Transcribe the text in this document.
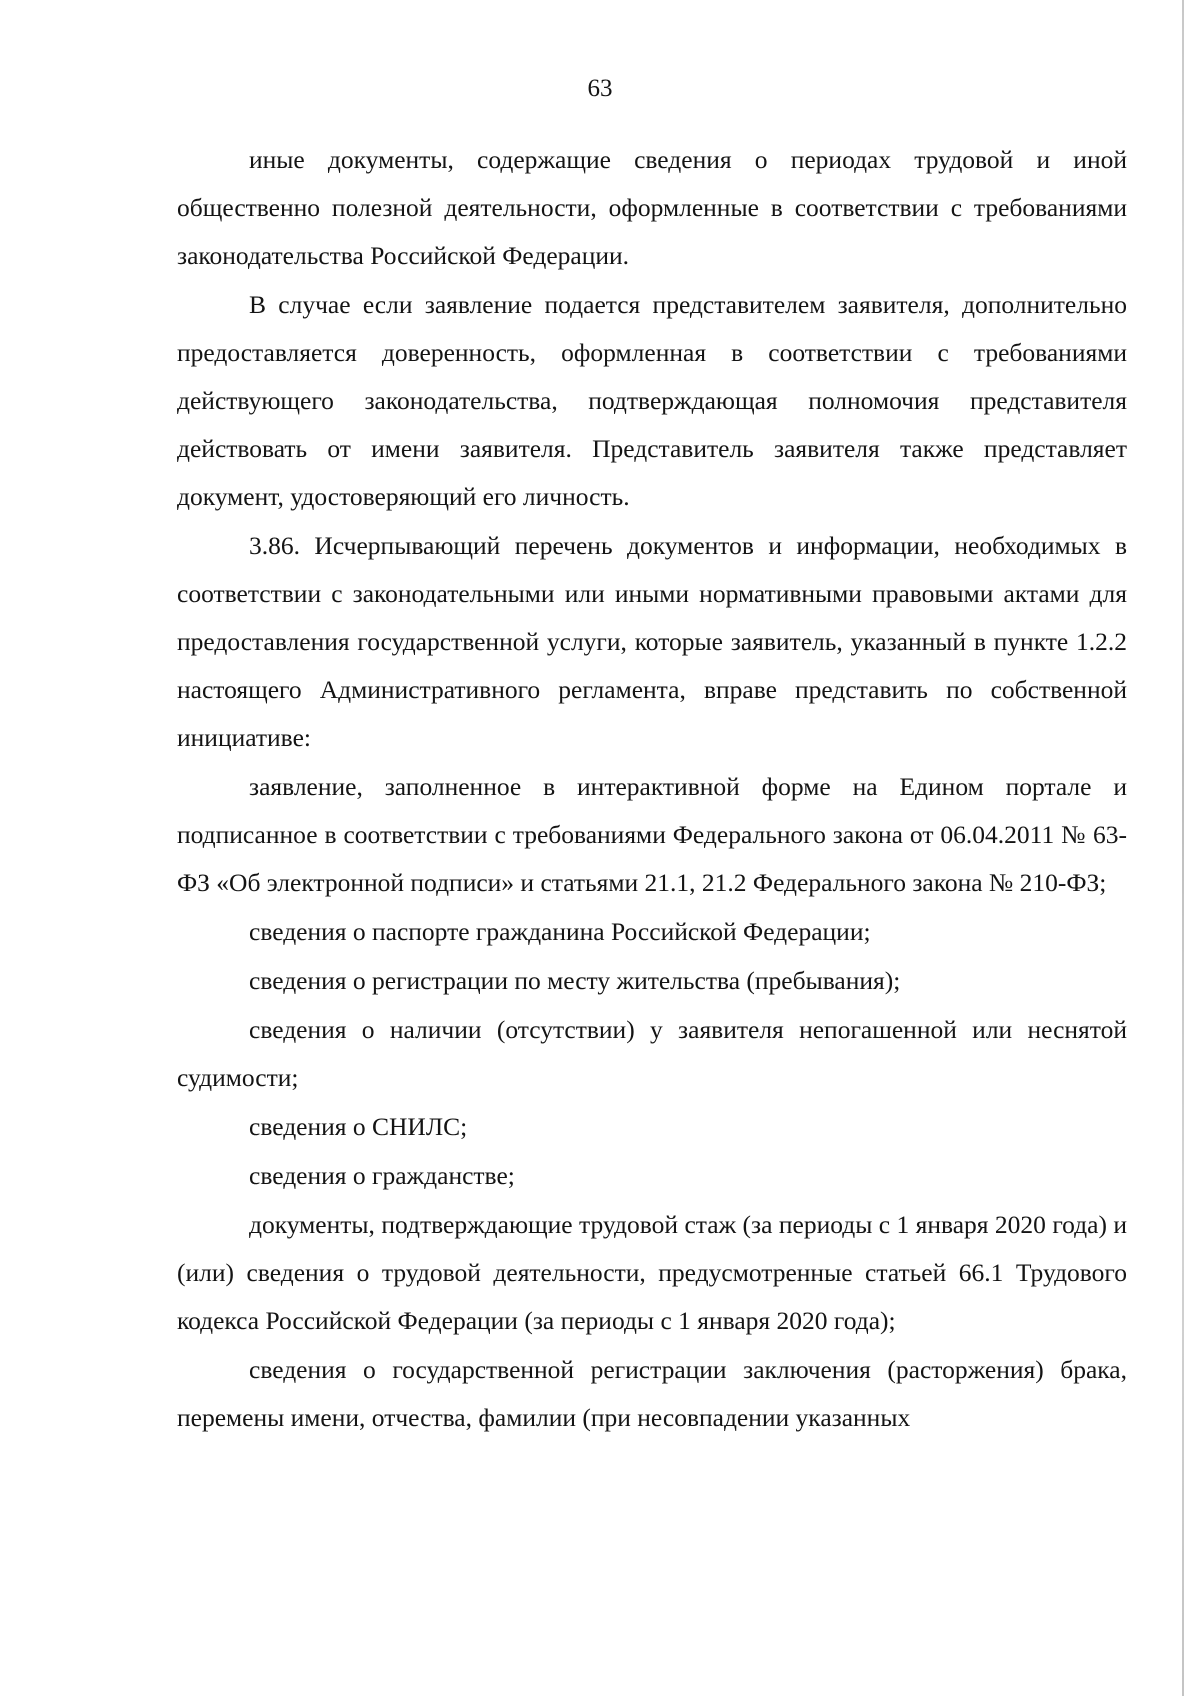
63

иные документы, содержащие сведения о периодах трудовой и иной общественно полезной деятельности, оформленные в соответствии с требованиями законодательства Российской Федерации.

В случае если заявление подается представителем заявителя, дополнительно предоставляется доверенность, оформленная в соответствии с требованиями действующего законодательства, подтверждающая полномочия представителя действовать от имени заявителя. Представитель заявителя также представляет документ, удостоверяющий его личность.

3.86. Исчерпывающий перечень документов и информации, необходимых в соответствии с законодательными или иными нормативными правовыми актами для предоставления государственной услуги, которые заявитель, указанный в пункте 1.2.2 настоящего Административного регламента, вправе представить по собственной инициативе:

заявление, заполненное в интерактивной форме на Едином портале и подписанное в соответствии с требованиями Федерального закона от 06.04.2011 № 63-ФЗ «Об электронной подписи» и статьями 21.1, 21.2 Федерального закона № 210-ФЗ;

сведения о паспорте гражданина Российской Федерации;

сведения о регистрации по месту жительства (пребывания);

сведения о наличии (отсутствии) у заявителя непогашенной или неснятой судимости;

сведения о СНИЛС;

сведения о гражданстве;

документы, подтверждающие трудовой стаж (за периоды с 1 января 2020 года) и (или) сведения о трудовой деятельности, предусмотренные статьей 66.1 Трудового кодекса Российской Федерации (за периоды с 1 января 2020 года);

сведения о государственной регистрации заключения (расторжения) брака, перемены имени, отчества, фамилии (при несовпадении указанных
